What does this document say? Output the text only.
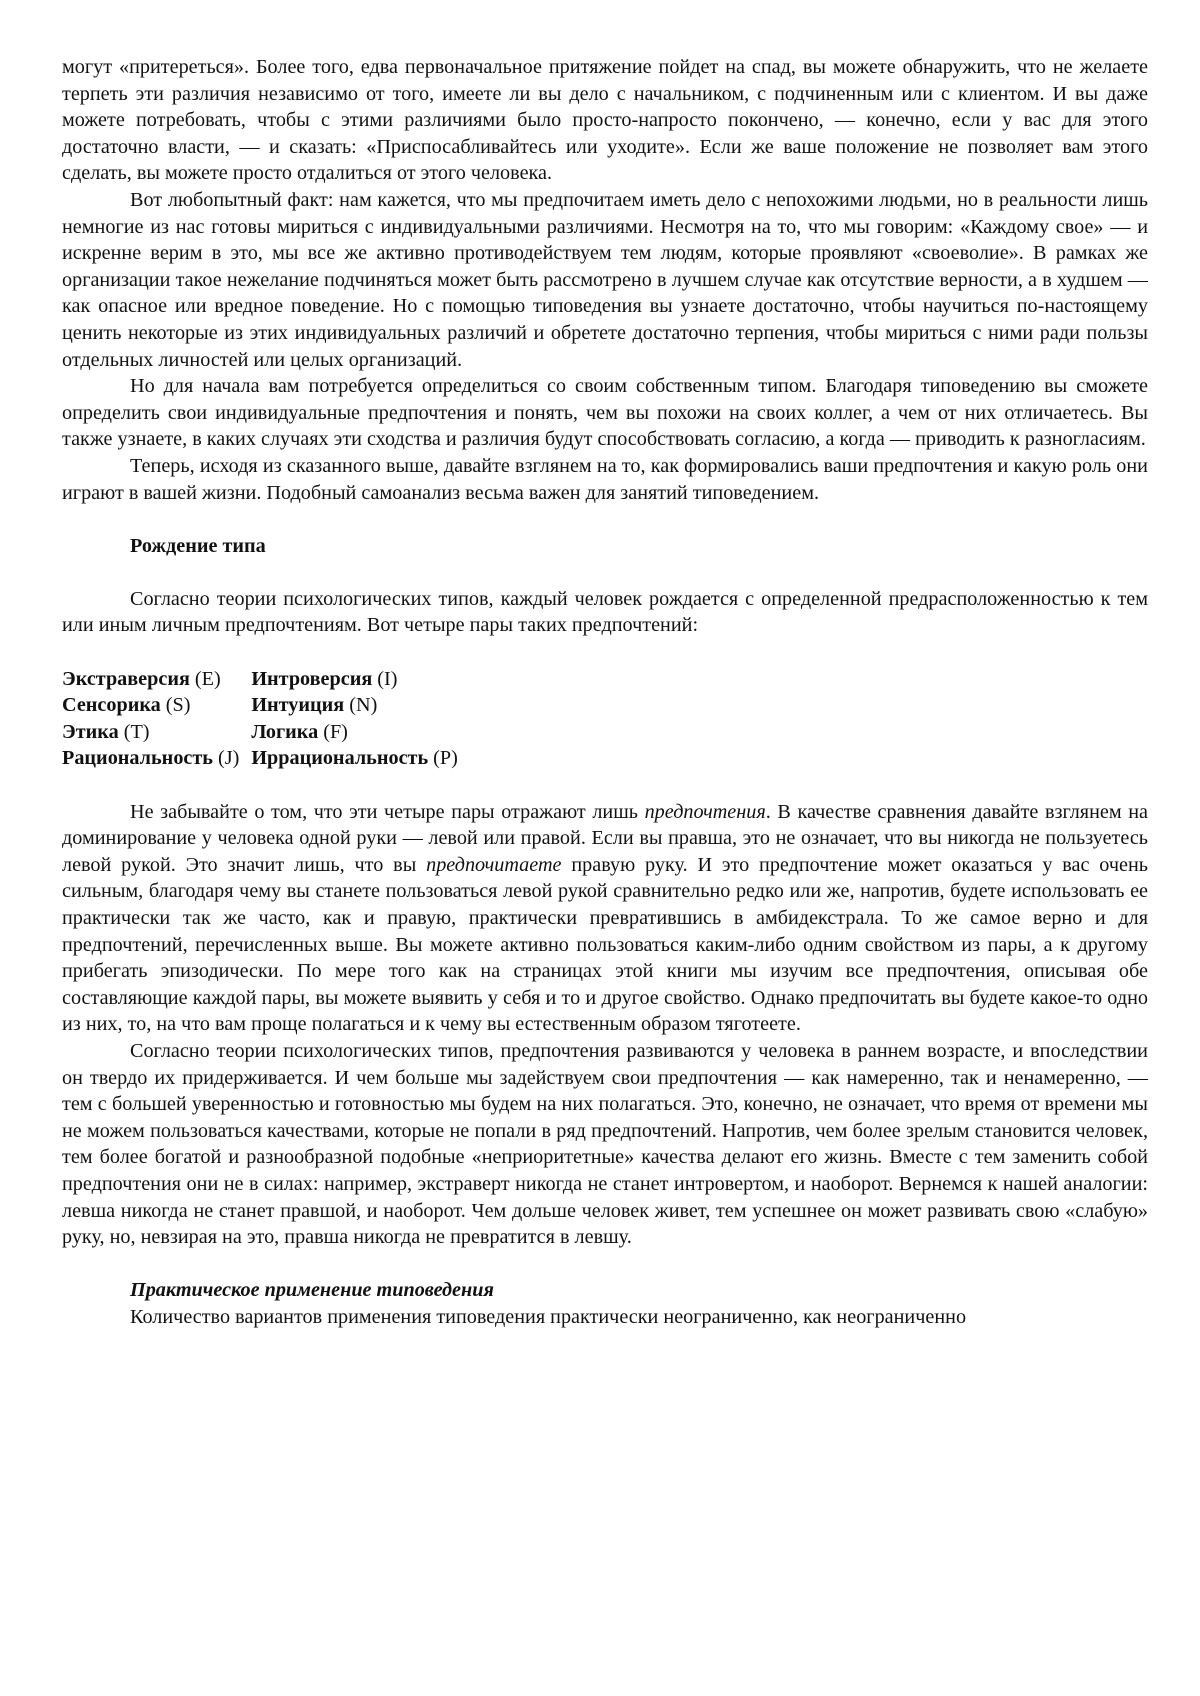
могут «притереться». Более того, едва первоначальное притяжение пойдет на спад, вы можете обнаружить, что не желаете терпеть эти различия независимо от того, имеете ли вы дело с начальником, с подчиненным или с клиентом. И вы даже можете потребовать, чтобы с этими различиями было просто-напросто покончено, — конечно, если у вас для этого достаточно власти, — и сказать: «Приспосабливайтесь или уходите». Если же ваше положение не позволяет вам этого сделать, вы можете просто отдалиться от этого человека.

Вот любопытный факт: нам кажется, что мы предпочитаем иметь дело с непохожими людьми, но в реальности лишь немногие из нас готовы мириться с индивидуальными различиями. Несмотря на то, что мы говорим: «Каждому свое» — и искренне верим в это, мы все же активно противодействуем тем людям, которые проявляют «своеволие». В рамках же организации такое нежелание подчиняться может быть рассмотрено в лучшем случае как отсутствие верности, а в худшем — как опасное или вредное поведение. Но с помощью типоведения вы узнаете достаточно, чтобы научиться по-настоящему ценить некоторые из этих индивидуальных различий и обретете достаточно терпения, чтобы мириться с ними ради пользы отдельных личностей или целых организаций.

Но для начала вам потребуется определиться со своим собственным типом. Благодаря типоведению вы сможете определить свои индивидуальные предпочтения и понять, чем вы похожи на своих коллег, а чем от них отличаетесь. Вы также узнаете, в каких случаях эти сходства и различия будут способствовать согласию, а когда — приводить к разногласиям.

Теперь, исходя из сказанного выше, давайте взглянем на то, как формировались ваши предпочтения и какую роль они играют в вашей жизни. Подобный самоанализ весьма важен для занятий типоведением.

Рождение типа

Согласно теории психологических типов, каждый человек рождается с определенной предрасположенностью к тем или иным личным предпочтениям. Вот четыре пары таких предпочтений:

Экстраверсия (E)	Интроверсия (I)
Сенсорика (S)	Интуиция (N)
Этика (T)	Логика (F)
Рациональность (J)	Иррациональность (P)

Не забывайте о том, что эти четыре пары отражают лишь предпочтения. В качестве сравнения давайте взглянем на доминирование у человека одной руки — левой или правой. Если вы правша, это не означает, что вы никогда не пользуетесь левой рукой. Это значит лишь, что вы предпочитаете правую руку. И это предпочтение может оказаться у вас очень сильным, благодаря чему вы станете пользоваться левой рукой сравнительно редко или же, напротив, будете использовать ее практически так же часто, как и правую, практически превратившись в амбидекстрала. То же самое верно и для предпочтений, перечисленных выше. Вы можете активно пользоваться каким-либо одним свойством из пары, а к другому прибегать эпизодически. По мере того как на страницах этой книги мы изучим все предпочтения, описывая обе составляющие каждой пары, вы можете выявить у себя и то и другое свойство. Однако предпочитать вы будете какое-то одно из них, то, на что вам проще полагаться и к чему вы естественным образом тяготеете.

Согласно теории психологических типов, предпочтения развиваются у человека в раннем возрасте, и впоследствии он твердо их придерживается. И чем больше мы задействуем свои предпочтения — как намеренно, так и ненамеренно, — тем с большей уверенностью и готовностью мы будем на них полагаться. Это, конечно, не означает, что время от времени мы не можем пользоваться качествами, которые не попали в ряд предпочтений. Напротив, чем более зрелым становится человек, тем более богатой и разнообразной подобные «неприоритетные» качества делают его жизнь. Вместе с тем заменить собой предпочтения они не в силах: например, экстраверт никогда не станет интровертом, и наоборот. Вернемся к нашей аналогии: левша никогда не станет правшой, и наоборот. Чем дольше человек живет, тем успешнее он может развивать свою «слабую» руку, но, невзирая на это, правша никогда не превратится в левшу.

Практическое применение типоведения

Количество вариантов применения типоведения практически неограниченно, как неограниченно
